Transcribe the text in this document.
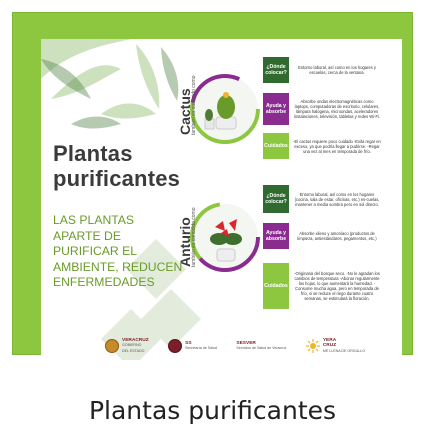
Cactus
también es conocido como
Anturio
también es conocido como
Plantas
purificantes
LAS PLANTAS APARTE DE PURIFICAR EL AMBIENTE, REDUCEN ENFERMEDADES
¿Dónde colocar?
Entorno laboral, así como en los hogares y escuelas, cerca de la ventana.
Ayuda y absorbe
Absorbe ondas electromagnéticas como laptops, computadoras de escritorio, celulares, lámpara halógena, microondas, aceleradores instalaciones, televisión, tabletas y redes Wi-Fi.
Cuidados
-El cactus requiere poco cuidado -Evita regar en exceso, ya que podría llegar a pudrirse. -Regar una vez al mes en temporada de frío.
¿Dónde colocar?
Entorno laboral, así como en los hogares (cocina, sala de estar, oficinas, etc.) es-cuelas, mantener a media sombra pero en sol directo.
Ayuda y absorbe
Absorbe xileno y amoníaco (productos de limpieza, antiestándares, pegamentos, etc.)
Cuidados
-Originaria del bosque seco. -No le agradan los cambios de temperatura -Abonar regularmente las hojas, lo que aumentará la humedad. -Consume mucha agua, pero en temporada de frío, si se reduce el riego durante cuatro semanas, se estimulará la floración.
VERACRUZ
GOBIERNO
DEL ESTADO
SS
Secretaría de Salud
SESVER
Servicios de Salud de Veracruz
YERA
CRUZ
ME LLENA DE ORGULLO
Plantas purificantes
